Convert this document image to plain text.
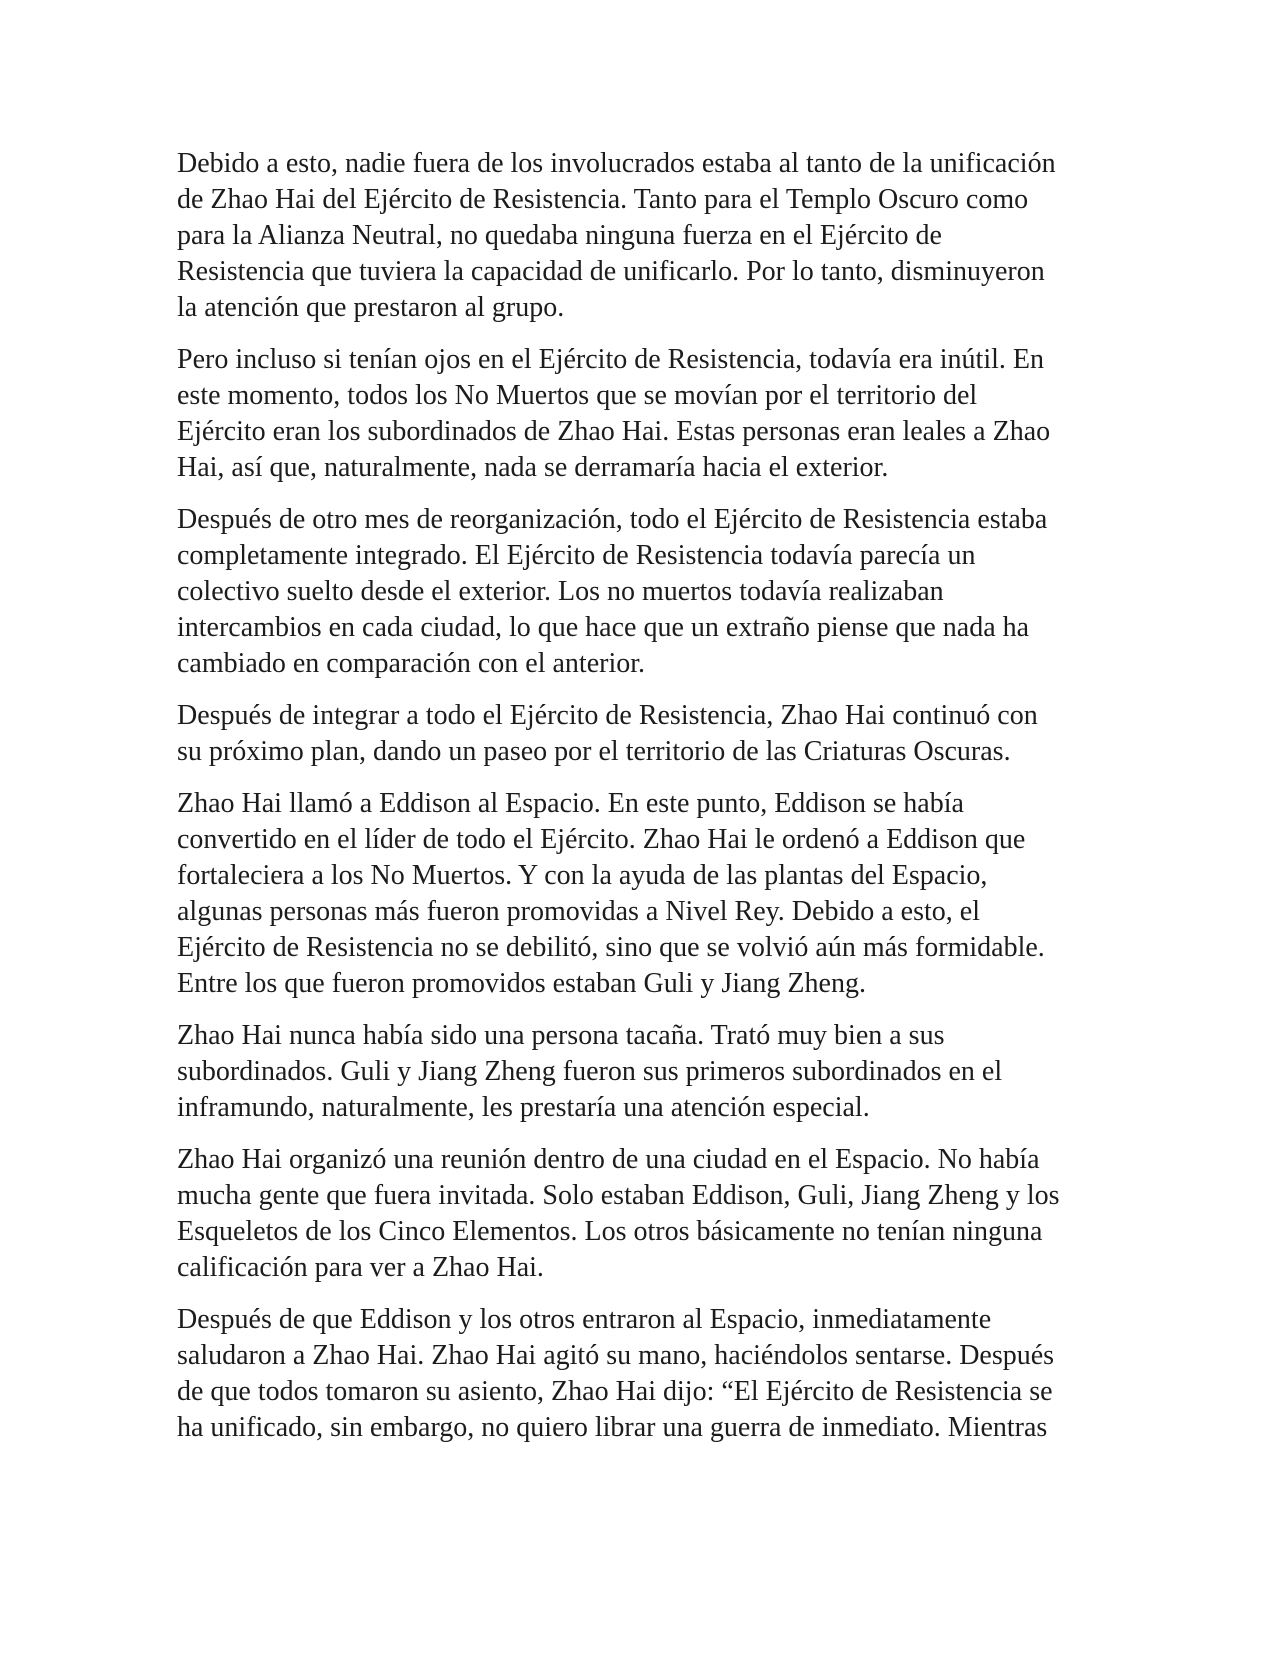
Debido a esto, nadie fuera de los involucrados estaba al tanto de la unificación
de Zhao Hai del Ejército de Resistencia. Tanto para el Templo Oscuro como
para la Alianza Neutral, no quedaba ninguna fuerza en el Ejército de
Resistencia que tuviera la capacidad de unificarlo. Por lo tanto, disminuyeron
la atención que prestaron al grupo.

Pero incluso si tenían ojos en el Ejército de Resistencia, todavía era inútil. En
este momento, todos los No Muertos que se movían por el territorio del
Ejército eran los subordinados de Zhao Hai. Estas personas eran leales a Zhao
Hai, así que, naturalmente, nada se derramaría hacia el exterior.

Después de otro mes de reorganización, todo el Ejército de Resistencia estaba
completamente integrado. El Ejército de Resistencia todavía parecía un
colectivo suelto desde el exterior. Los no muertos todavía realizaban
intercambios en cada ciudad, lo que hace que un extraño piense que nada ha
cambiado en comparación con el anterior.

Después de integrar a todo el Ejército de Resistencia, Zhao Hai continuó con
su próximo plan, dando un paseo por el territorio de las Criaturas Oscuras.

Zhao Hai llamó a Eddison al Espacio. En este punto, Eddison se había
convertido en el líder de todo el Ejército. Zhao Hai le ordenó a Eddison que
fortaleciera a los No Muertos. Y con la ayuda de las plantas del Espacio,
algunas personas más fueron promovidas a Nivel Rey. Debido a esto, el
Ejército de Resistencia no se debilitó, sino que se volvió aún más formidable.
Entre los que fueron promovidos estaban Guli y Jiang Zheng.

Zhao Hai nunca había sido una persona tacaña. Trató muy bien a sus
subordinados. Guli y Jiang Zheng fueron sus primeros subordinados en el
inframundo, naturalmente, les prestaría una atención especial.

Zhao Hai organizó una reunión dentro de una ciudad en el Espacio. No había
mucha gente que fuera invitada. Solo estaban Eddison, Guli, Jiang Zheng y los
Esqueletos de los Cinco Elementos. Los otros básicamente no tenían ninguna
calificación para ver a Zhao Hai.

Después de que Eddison y los otros entraron al Espacio, inmediatamente
saludaron a Zhao Hai. Zhao Hai agitó su mano, haciéndolos sentarse. Después
de que todos tomaron su asiento, Zhao Hai dijo: “El Ejército de Resistencia se
ha unificado, sin embargo, no quiero librar una guerra de inmediato. Mientras
